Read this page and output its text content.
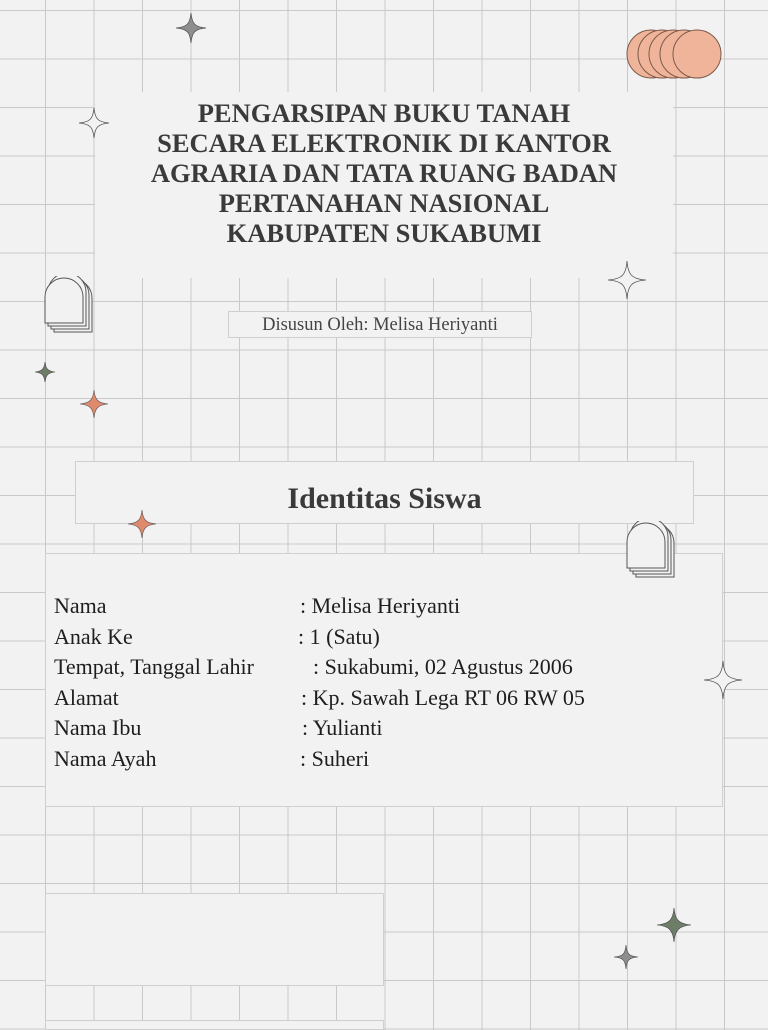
PENGARSIPAN BUKU TANAH
SECARA ELEKTRONIK DI KANTOR
AGRARIA DAN TATA RUANG BADAN
PERTANAHAN NASIONAL
KABUPATEN SUKABUMI
Disusun Oleh: Melisa Heriyanti
Identitas Siswa
Nama	: Melisa Heriyanti
Anak Ke	: 1 (Satu)
Tempat, Tanggal Lahir	: Sukabumi, 02 Agustus 2006
Alamat	: Kp. Sawah Lega RT 06 RW 05
Nama Ibu	: Yulianti
Nama Ayah	: Suheri
